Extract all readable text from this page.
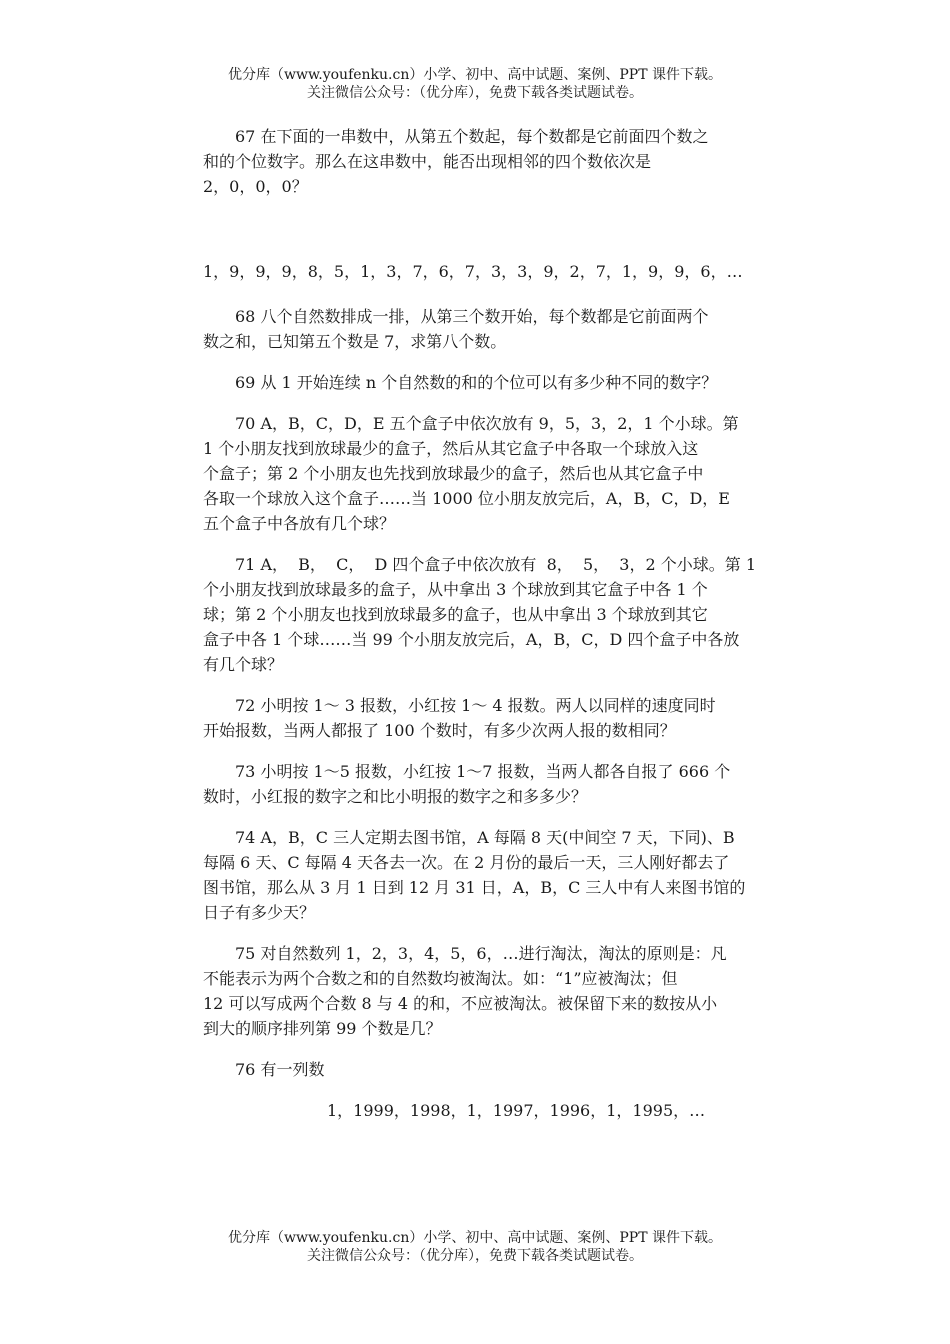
优分库（www.youfenku.cn）小学、初中、高中试题、案例、PPT 课件下载。
关注微信公众号：（优分库），免费下载各类试题试卷。
67 在下面的一串数中，从第五个数起，每个数都是它前面四个数之
和的个位数字。那么在这串数中，能否出现相邻的四个数依次是
2，0，0，0？
1，9，9，9，8，5，1，3，7，6，7，3，3，9，2，7，1，9，9，6，…
68 八个自然数排成一排，从第三个数开始，每个数都是它前面两个
数之和，已知第五个数是 7，求第八个数。
69 从 1 开始连续 n 个自然数的和的个位可以有多少种不同的数字？
70 A，B，C，D，E 五个盒子中依次放有 9，5，3，2，1 个小球。第
1 个小朋友找到放球最少的盒子，然后从其它盒子中各取一个球放入这
个盒子；第 2 个小朋友也先找到放球最少的盒子，然后也从其它盒子中
各取一个球放入这个盒子……当 1000 位小朋友放完后，A，B，C，D，E
五个盒子中各放有几个球？
71 A，  B，  C，  D 四个盒子中依次放有  8，  5，  3，2 个小球。第 1
个小朋友找到放球最多的盒子，从中拿出 3 个球放到其它盒子中各 1 个
球；第 2 个小朋友也找到放球最多的盒子，也从中拿出 3 个球放到其它
盒子中各 1 个球……当 99 个小朋友放完后，A，B，C，D 四个盒子中各放
有几个球？
72 小明按 1～ 3 报数，小红按 1～ 4 报数。两人以同样的速度同时
开始报数，当两人都报了 100 个数时，有多少次两人报的数相同？
73 小明按 1～5 报数，小红按 1～7 报数，当两人都各自报了 666 个
数时，小红报的数字之和比小明报的数字之和多多少？
74 A，B，C 三人定期去图书馆，A 每隔 8 天(中间空 7 天，下同)、B
每隔 6 天、C 每隔 4 天各去一次。在 2 月份的最后一天，三人刚好都去了
图书馆，那么从 3 月 1 日到 12 月 31 日，A，B，C 三人中有人来图书馆的
日子有多少天？
75 对自然数列 1，2，3，4，5，6，…进行淘汰，淘汰的原则是：凡
不能表示为两个合数之和的自然数均被淘汰。如：“1”应被淘汰；但
12 可以写成两个合数 8 与 4 的和，不应被淘汰。被保留下来的数按从小
到大的顺序排列第 99 个数是几？
76 有一列数
1，1999，1998，1，1997，1996，1，1995，…
优分库（www.youfenku.cn）小学、初中、高中试题、案例、PPT 课件下载。
关注微信公众号：（优分库），免费下载各类试题试卷。
